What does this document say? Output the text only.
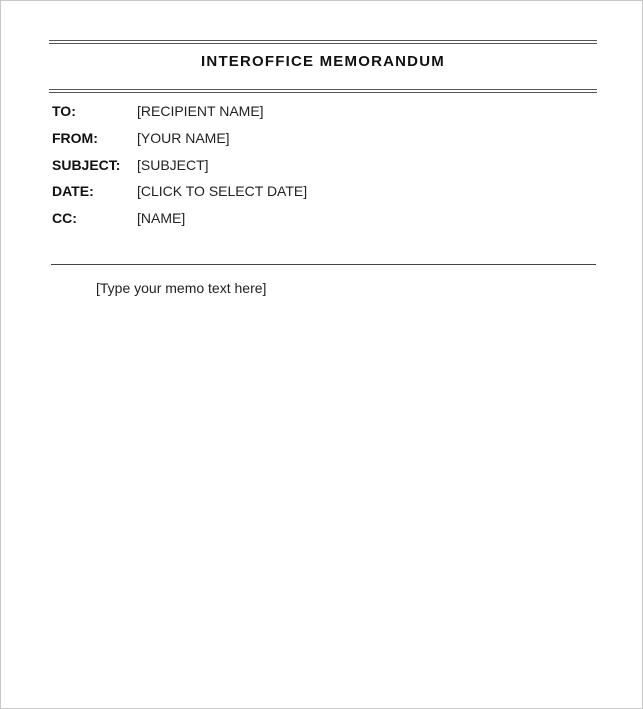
INTEROFFICE MEMORANDUM
TO:	[RECIPIENT NAME]
FROM:	[YOUR NAME]
SUBJECT: [SUBJECT]
DATE:	[CLICK TO SELECT DATE]
CC:	[NAME]
[Type your memo text here]
